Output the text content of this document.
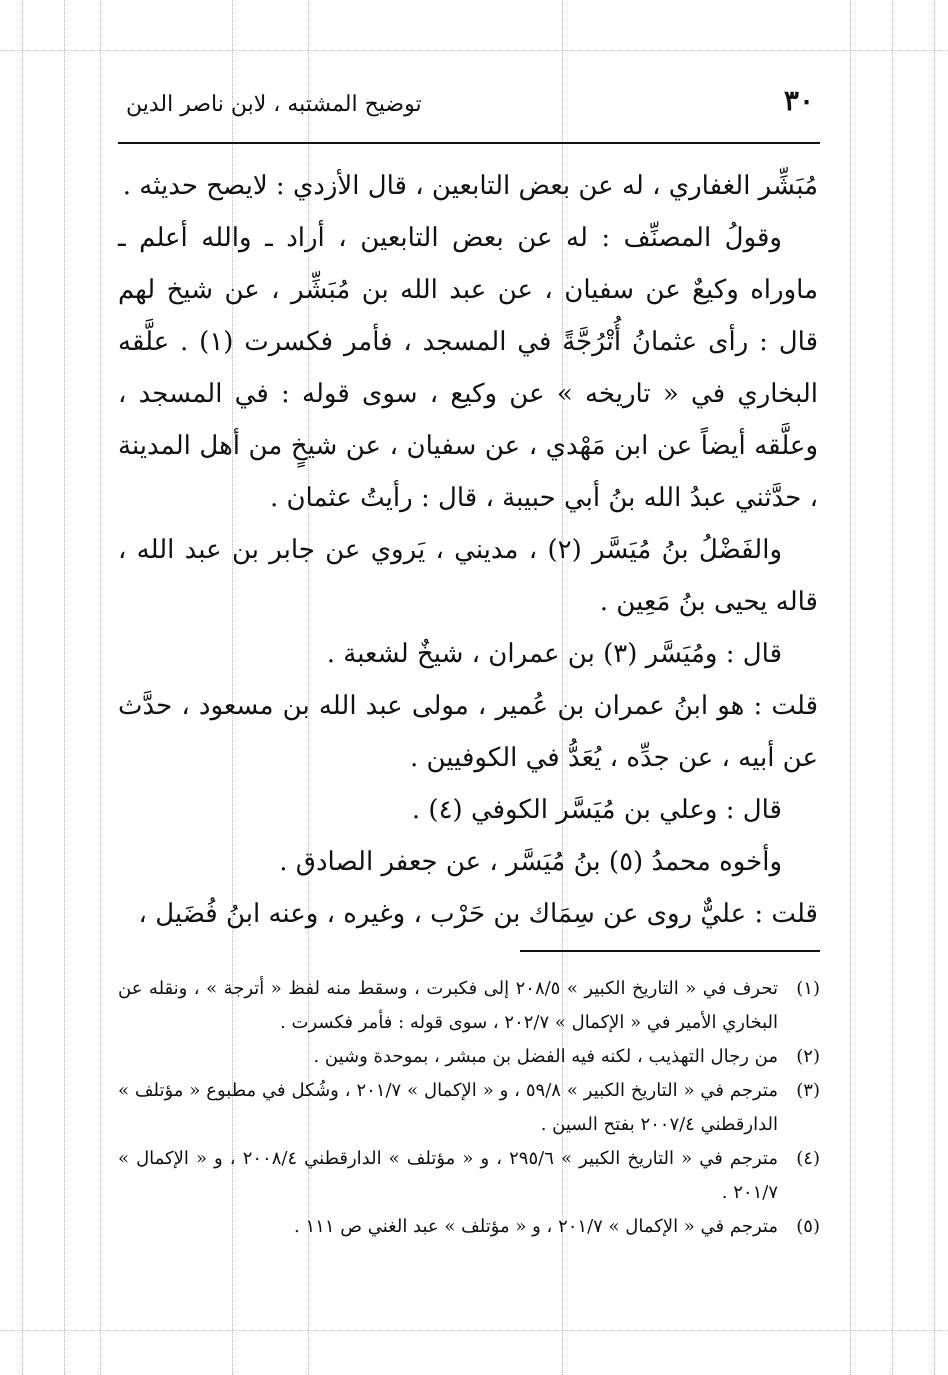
٣٠
توضيح المشتبه ، لابن ناصر الدين

مُبَشِّر الغفاري ، له عن بعض التابعين ، قال الأزدي : لايصح حديثه .

وقولُ المصنِّف : له عن بعض التابعين ، أراد ـ والله أعلم ـ ماوراه وكيعٌ عن سفيان ، عن عبد الله بن مُبَشِّر ، عن شيخ لهم قال : رأى عثمانُ أُتْرُجَّةً في المسجد ، فأمر فكسرت (١) . علَّقه البخاري في « تاريخه » عن وكيع ، سوى قوله : في المسجد ، وعلَّقه أيضاً عن ابن مَهْدي ، عن سفيان ، عن شيخٍ من أهل المدينة ، حدَّثني عبدُ الله بنُ أبي حبيبة ، قال : رأيتُ عثمان .

والفَضْلُ بنُ مُيَسَّر (٢) ، مديني ، يَروي عن جابر بن عبد الله ، قاله يحيى بنُ مَعِين .

قال : ومُيَسَّر (٣) بن عمران ، شيخٌ لشعبة .

قلت : هو ابنُ عمران بن عُمير ، مولى عبد الله بن مسعود ، حدَّث عن أبيه ، عن جدِّه ، يُعَدُّ في الكوفيين .

قال : وعلي بن مُيَسَّر الكوفي (٤) .

وأخوه محمدُ (٥) بنُ مُيَسَّر ، عن جعفر الصادق .

قلت : عليٌّ روى عن سِمَاك بن حَرْب ، وغيره ، وعنه ابنُ فُضَيل ،

(١)
تحرف في « التاريخ الكبير » ٢٠٨/٥ إلى فكبرت ، وسقط منه لفظ « أترجة » ، ونقله عن البخاري الأمير في « الإكمال » ٢٠٢/٧ ، سوى قوله : فأمر فكسرت .
(٢)
من رجال التهذيب ، لكنه فيه الفضل بن مبشر ، بموحدة وشين .
(٣)
مترجم في « التاريخ الكبير » ٥٩/٨ ، و « الإكمال » ٢٠١/٧ ، وشُكل في مطبوع « مؤتلف » الدارقطني ٢٠٠٧/٤ بفتح السين .
(٤)
مترجم في « التاريخ الكبير » ٢٩٥/٦ ، و « مؤتلف » الدارقطني ٢٠٠٨/٤ ، و « الإكمال » ٢٠١/٧ .
(٥)
مترجم في « الإكمال » ٢٠١/٧ ، و « مؤتلف » عبد الغني ص ١١١ .
